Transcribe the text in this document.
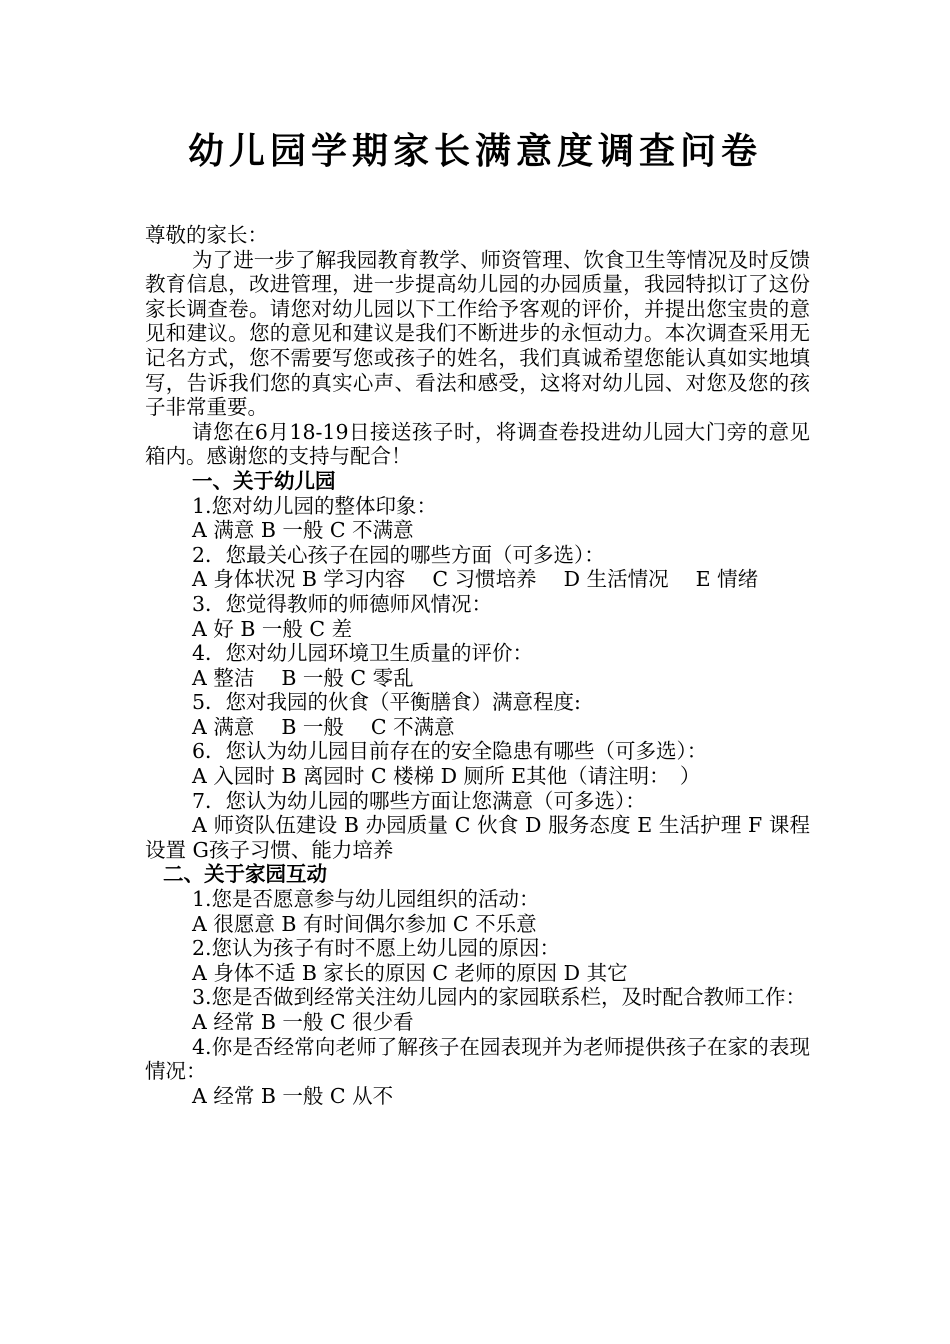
幼儿园学期家长满意度调查问卷

尊敬的家长：

为了进一步了解我园教育教学、师资管理、饮食卫生等情况及时反馈教育信息，改进管理，进一步提高幼儿园的办园质量，我园特拟订了这份家长调查卷。请您对幼儿园以下工作给予客观的评价，并提出您宝贵的意见和建议。您的意见和建议是我们不断进步的永恒动力。本次调查采用无记名方式，您不需要写您或孩子的姓名，我们真诚希望您能认真如实地填写，告诉我们您的真实心声、看法和感受，这将对幼儿园、对您及您的孩子非常重要。

请您在6月18-19日接送孩子时，将调查卷投进幼儿园大门旁的意见箱内。感谢您的支持与配合！

一、关于幼儿园

1.您对幼儿园的整体印象：

A 满意 B 一般 C 不满意

2．您最关心孩子在园的哪些方面（可多选）：

A 身体状况 B 学习内容　 C 习惯培养　 D 生活情况　 E 情绪

3．您觉得教师的师德师风情况：

A 好 B 一般 C 差

4．您对幼儿园环境卫生质量的评价：

A 整洁　 B 一般 C 零乱

5．您对我园的伙食（平衡膳食）满意程度:

A 满意　 B 一般　 C 不满意

6．您认为幼儿园目前存在的安全隐患有哪些（可多选）：

A 入园时 B 离园时 C 楼梯 D 厕所 E其他（请注明：　）

7．您认为幼儿园的哪些方面让您满意（可多选）：

A 师资队伍建设 B 办园质量 C 伙食 D 服务态度 E 生活护理 F 课程设置 G孩子习惯、能力培养

二、关于家园互动

1.您是否愿意参与幼儿园组织的活动：

A 很愿意 B 有时间偶尔参加 C 不乐意

2.您认为孩子有时不愿上幼儿园的原因：

A 身体不适 B 家长的原因 C 老师的原因 D 其它

3.您是否做到经常关注幼儿园内的家园联系栏，及时配合教师工作：

A 经常 B 一般 C 很少看

4.你是否经常向老师了解孩子在园表现并为老师提供孩子在家的表现情况：

A 经常 B 一般 C 从不
